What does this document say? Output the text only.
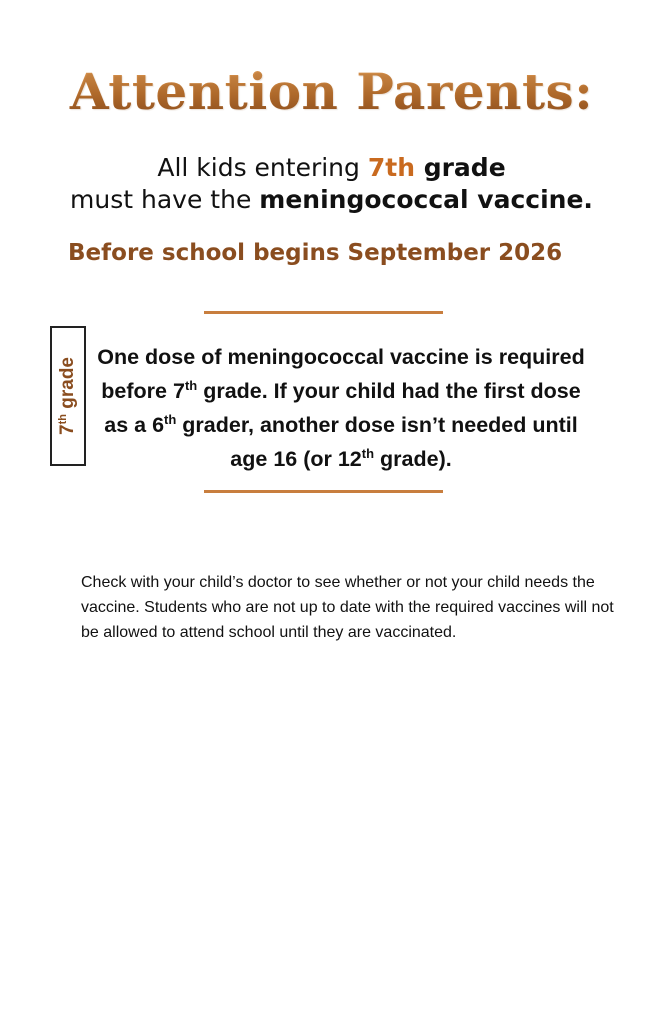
Attention Parents:
All kids entering 7th grade
must have the meningococcal vaccine.
Before school begins September 2026
7th grade One dose of meningococcal vaccine is required before 7th grade. If your child had the first dose as a 6th grader, another dose isn’t needed until age 16 (or 12th grade).
Check with your child’s doctor to see whether or not your child needs the vaccine. Students who are not up to date with the required vaccines will not be allowed to attend school until they are vaccinated.
